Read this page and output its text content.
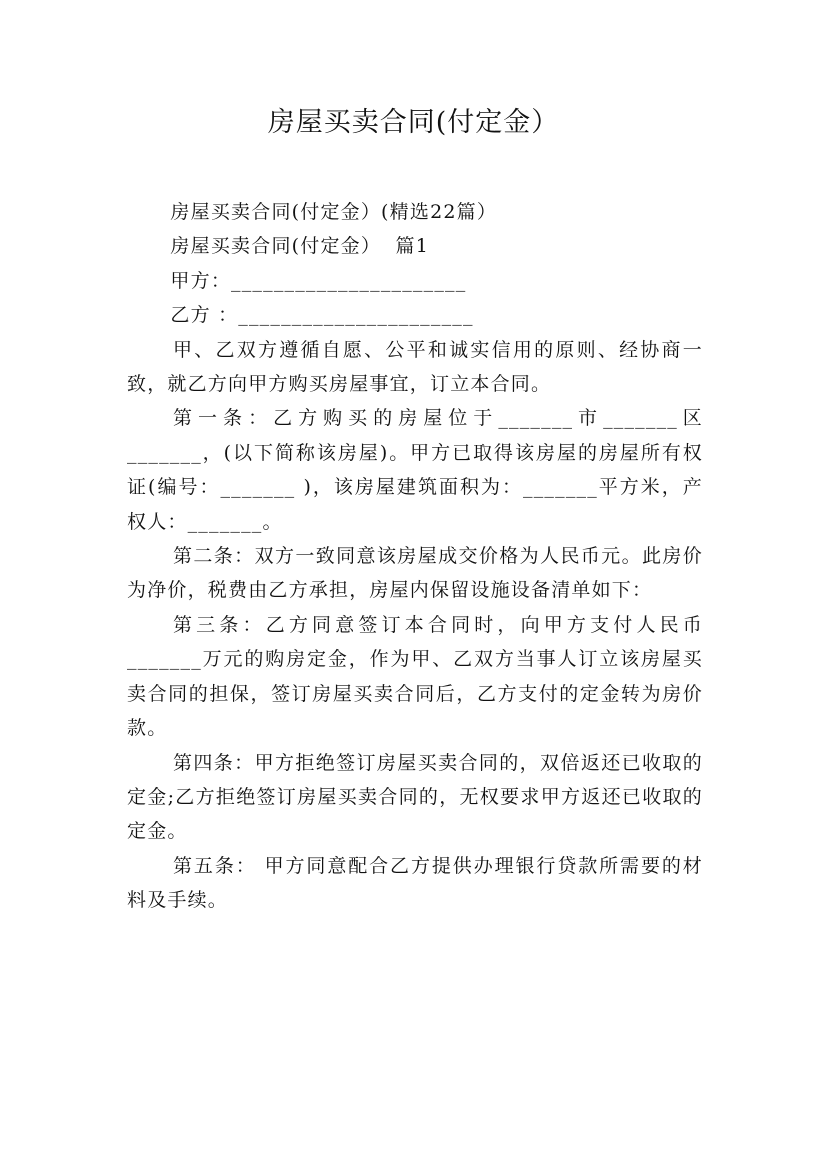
房屋买卖合同(付定金）
房屋买卖合同(付定金）(精选22篇）
房屋买卖合同(付定金）  篇1
甲方：______________________
乙方 ：______________________

甲、乙双方遵循自愿、公平和诚实信用的原则、经协商一致，就乙方向甲方购买房屋事宜，订立本合同。

第一条：乙方购买的房屋位于_______市_______区_______，(以下简称该房屋)。甲方已取得该房屋的房屋所有权证(编号：_______ )，该房屋建筑面积为：_______平方米，产权人：_______。

第二条：双方一致同意该房屋成交价格为人民币元。此房价为净价，税费由乙方承担，房屋内保留设施设备清单如下：

第三条：乙方同意签订本合同时，向甲方支付人民币_______万元的购房定金，作为甲、乙双方当事人订立该房屋买卖合同的担保，签订房屋买卖合同后，乙方支付的定金转为房价款。

第四条：甲方拒绝签订房屋买卖合同的，双倍返还已收取的定金;乙方拒绝签订房屋买卖合同的，无权要求甲方返还已收取的定金。

第五条： 甲方同意配合乙方提供办理银行贷款所需要的材料及手续。
